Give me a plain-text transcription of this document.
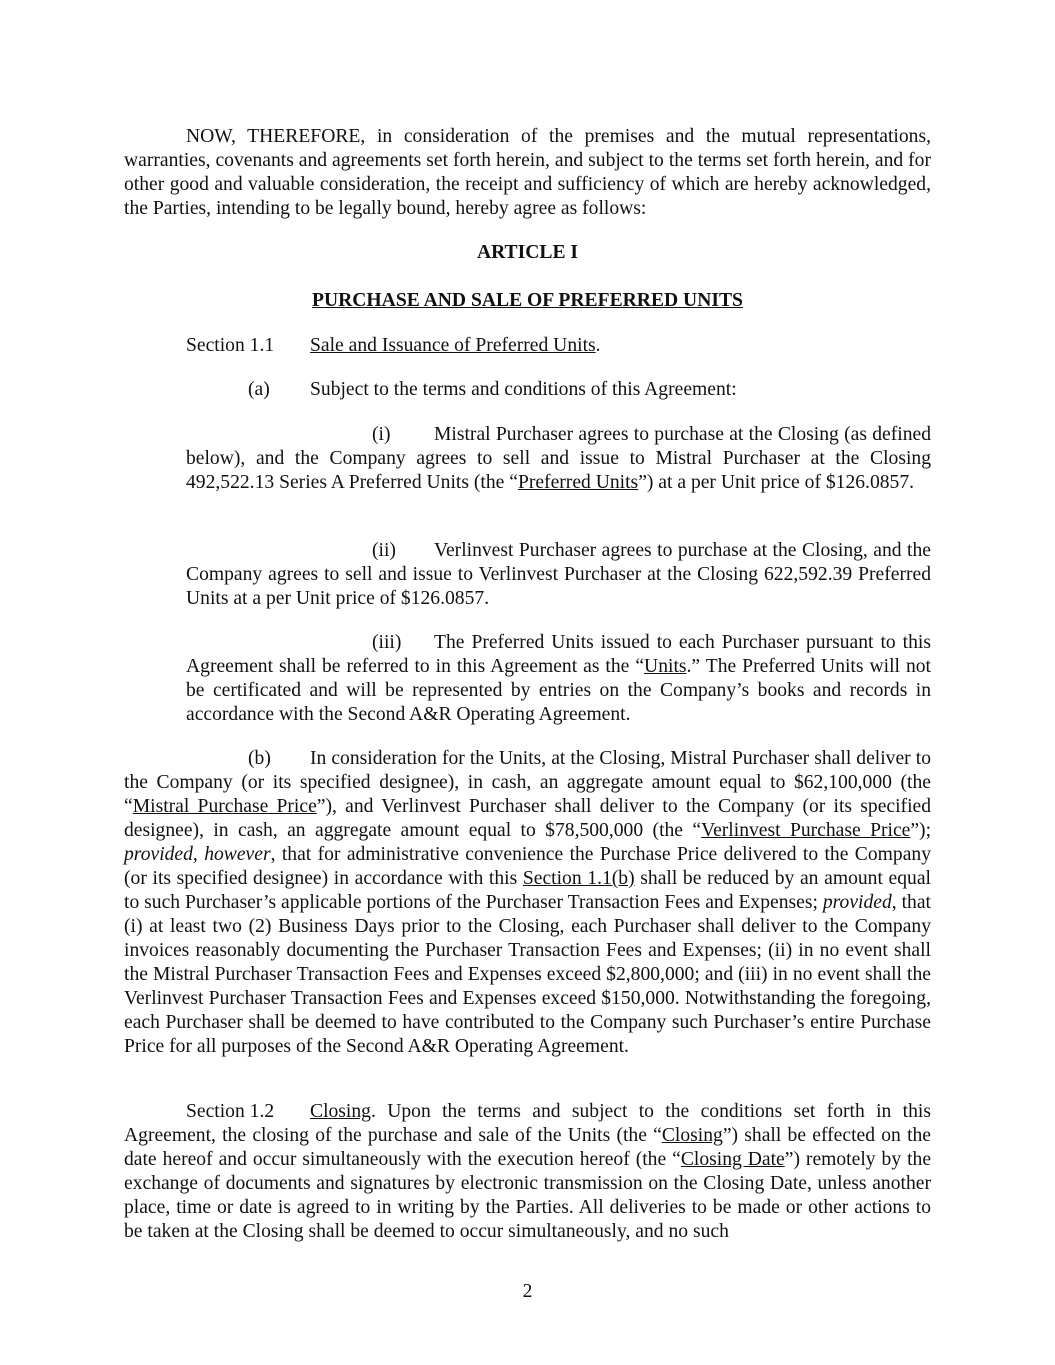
NOW, THEREFORE, in consideration of the premises and the mutual representations, warranties, covenants and agreements set forth herein, and subject to the terms set forth herein, and for other good and valuable consideration, the receipt and sufficiency of which are hereby acknowledged, the Parties, intending to be legally bound, hereby agree as follows:

ARTICLE I

PURCHASE AND SALE OF PREFERRED UNITS

Section 1.1 Sale and Issuance of Preferred Units.
(a) Subject to the terms and conditions of this Agreement:

(i) Mistral Purchaser agrees to purchase at the Closing (as defined below), and the Company agrees to sell and issue to Mistral Purchaser at the Closing 492,522.13 Series A Preferred Units (the “Preferred Units”) at a per Unit price of $126.0857.

(ii) Verlinvest Purchaser agrees to purchase at the Closing, and the Company agrees to sell and issue to Verlinvest Purchaser at the Closing 622,592.39 Preferred Units at a per Unit price of $126.0857.

(iii) The Preferred Units issued to each Purchaser pursuant to this Agreement shall be referred to in this Agreement as the “Units.” The Preferred Units will not be certificated and will be represented by entries on the Company’s books and records in accordance with the Second A&R Operating Agreement.

(b) In consideration for the Units, at the Closing, Mistral Purchaser shall deliver to the Company (or its specified designee), in cash, an aggregate amount equal to $62,100,000 (the “Mistral Purchase Price”), and Verlinvest Purchaser shall deliver to the Company (or its specified designee), in cash, an aggregate amount equal to $78,500,000 (the “Verlinvest Purchase Price”); provided, however, that for administrative convenience the Purchase Price delivered to the Company (or its specified designee) in accordance with this Section 1.1(b) shall be reduced by an amount equal to such Purchaser’s applicable portions of the Purchaser Transaction Fees and Expenses; provided, that (i) at least two (2) Business Days prior to the Closing, each Purchaser shall deliver to the Company invoices reasonably documenting the Purchaser Transaction Fees and Expenses; (ii) in no event shall the Mistral Purchaser Transaction Fees and Expenses exceed $2,800,000; and (iii) in no event shall the Verlinvest Purchaser Transaction Fees and Expenses exceed $150,000. Notwithstanding the foregoing, each Purchaser shall be deemed to have contributed to the Company such Purchaser’s entire Purchase Price for all purposes of the Second A&R Operating Agreement.

Section 1.2 Closing. Upon the terms and subject to the conditions set forth in this Agreement, the closing of the purchase and sale of the Units (the “Closing”) shall be effected on the date hereof and occur simultaneously with the execution hereof (the “Closing Date”) remotely by the exchange of documents and signatures by electronic transmission on the Closing Date, unless another place, time or date is agreed to in writing by the Parties. All deliveries to be made or other actions to be taken at the Closing shall be deemed to occur simultaneously, and no such

2
